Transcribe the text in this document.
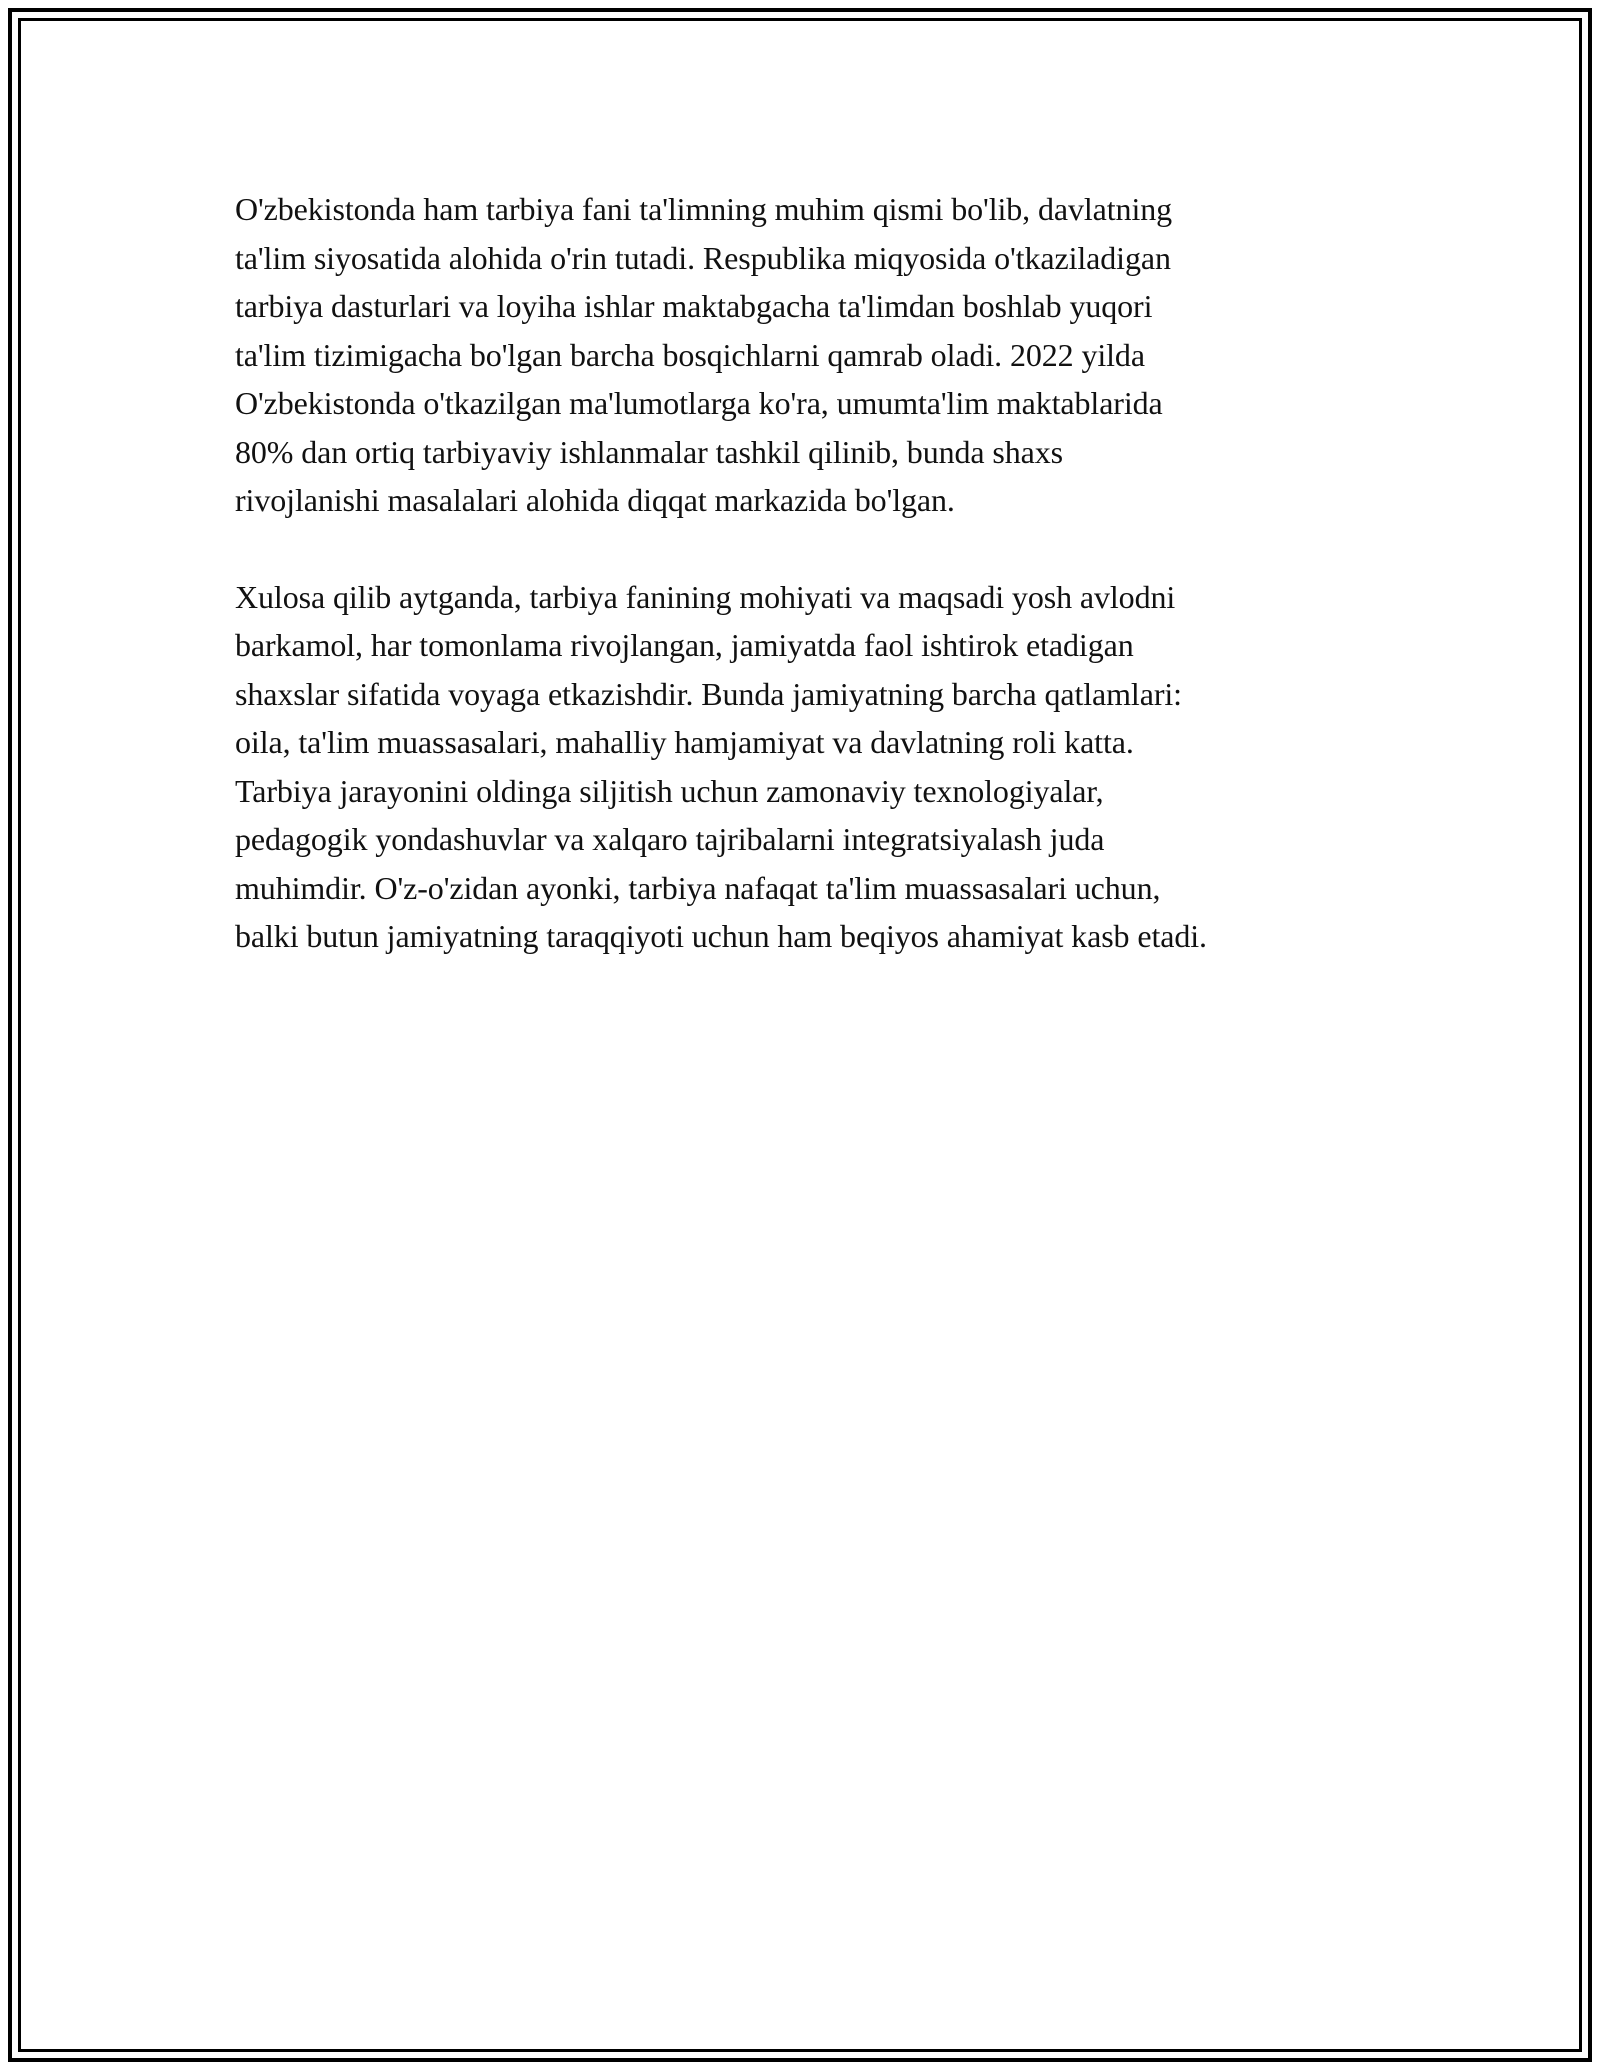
O'zbekistonda ham tarbiya fani ta'limning muhim qismi bo'lib, davlatning
ta'lim siyosatida alohida o'rin tutadi. Respublika miqyosida o'tkaziladigan
tarbiya dasturlari va loyiha ishlar maktabgacha ta'limdan boshlab yuqori
ta'lim tizimigacha bo'lgan barcha bosqichlarni qamrab oladi. 2022 yilda
O'zbekistonda o'tkazilgan ma'lumotlarga ko'ra, umumta'lim maktablarida
80% dan ortiq tarbiyaviy ishlanmalar tashkil qilinib, bunda shaxs
rivojlanishi masalalari alohida diqqat markazida bo'lgan.

Xulosa qilib aytganda, tarbiya fanining mohiyati va maqsadi yosh avlodni
barkamol, har tomonlama rivojlangan, jamiyatda faol ishtirok etadigan
shaxslar sifatida voyaga etkazishdir. Bunda jamiyatning barcha qatlamlari:
oila, ta'lim muassasalari, mahalliy hamjamiyat va davlatning roli katta.
Tarbiya jarayonini oldinga siljitish uchun zamonaviy texnologiyalar,
pedagogik yondashuvlar va xalqaro tajribalarni integratsiyalash juda
muhimdir. O'z-o'zidan ayonki, tarbiya nafaqat ta'lim muassasalari uchun,
balki butun jamiyatning taraqqiyoti uchun ham beqiyos ahamiyat kasb etadi.
